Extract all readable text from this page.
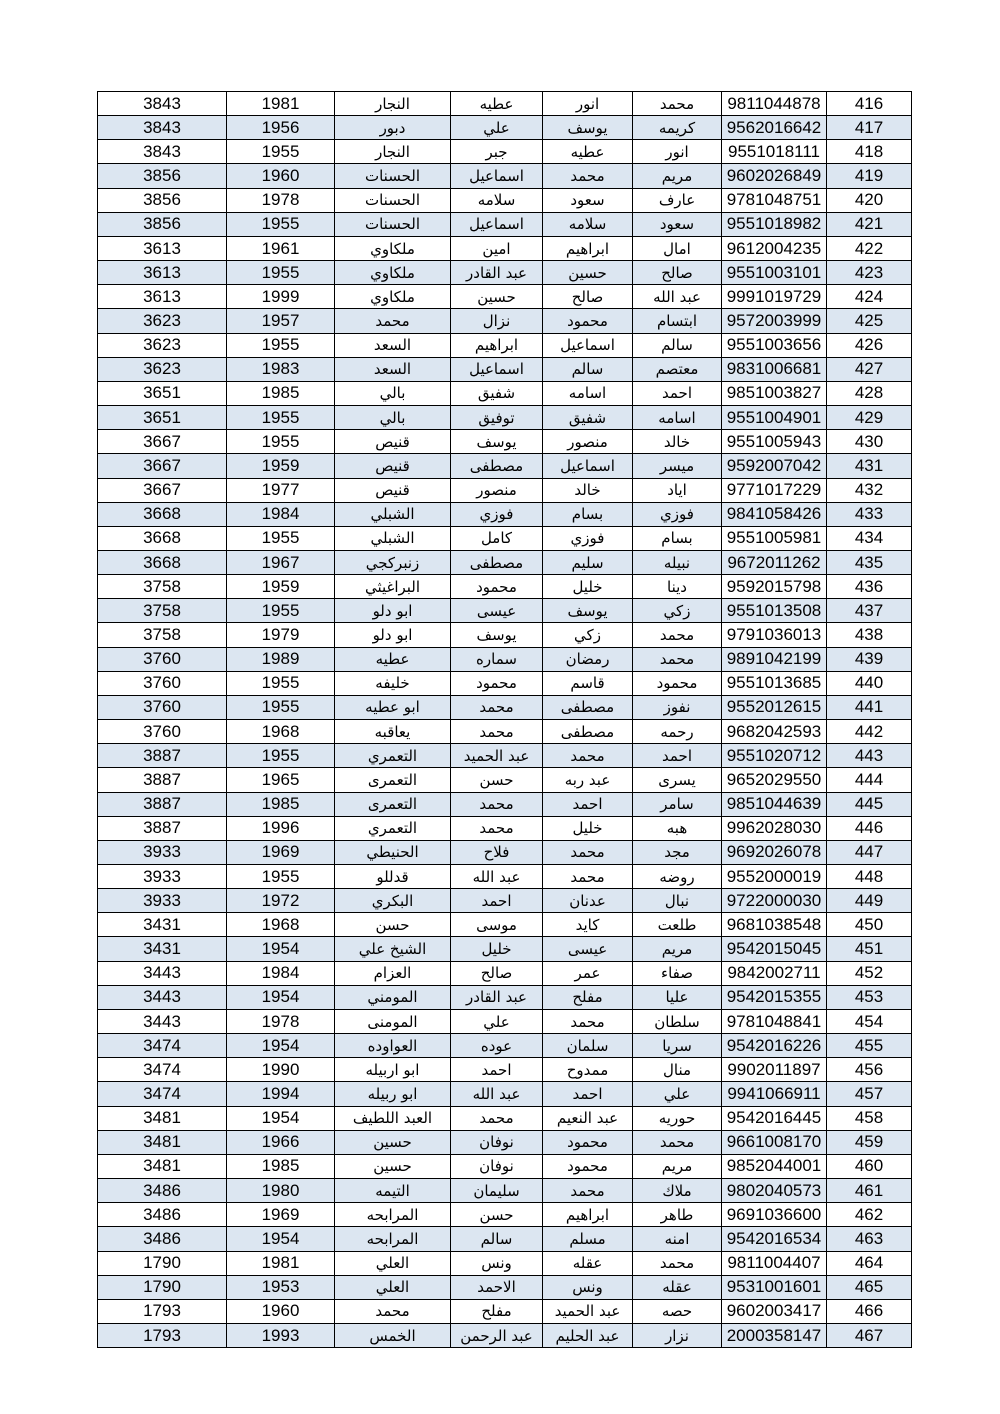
3843	1981	النجار	عطيه	انور	محمد	9811044878	416
3843	1956	دبور	علي	يوسف	كريمه	9562016642	417
3843	1955	النجار	جبر	عطيه	انور	9551018111	418
3856	1960	الحسنات	اسماعيل	محمد	مريم	9602026849	419
3856	1978	الحسنات	سلامه	سعود	عارف	9781048751	420
3856	1955	الحسنات	اسماعيل	سلامه	سعود	9551018982	421
3613	1961	ملكاوي	امين	ابراهيم	امال	9612004235	422
3613	1955	ملكاوي	عبد القادر	حسين	صالح	9551003101	423
3613	1999	ملكاوي	حسين	صالح	عبد الله	9991019729	424
3623	1957	محمد	نزال	محمود	ابتسام	9572003999	425
3623	1955	السعد	ابراهيم	اسماعيل	سالم	9551003656	426
3623	1983	السعد	اسماعيل	سالم	معتصم	9831006681	427
3651	1985	بالي	شفيق	اسامه	احمد	9851003827	428
3651	1955	بالي	توفيق	شفيق	اسامه	9551004901	429
3667	1955	قنيص	يوسف	منصور	خالد	9551005943	430
3667	1959	قنيص	مصطفى	اسماعيل	ميسر	9592007042	431
3667	1977	قنيص	منصور	خالد	اياد	9771017229	432
3668	1984	الشبلي	فوزي	بسام	فوزي	9841058426	433
3668	1955	الشبلي	كامل	فوزي	بسام	9551005981	434
3668	1967	زنبركجي	مصطفى	سليم	نبيله	9672011262	435
3758	1959	البراغيثي	محمود	خليل	دينا	9592015798	436
3758	1955	ابو دلو	عيسى	يوسف	زكي	9551013508	437
3758	1979	ابو دلو	يوسف	زكي	محمد	9791036013	438
3760	1989	عطيه	سماره	رمضان	محمد	9891042199	439
3760	1955	خليفه	محمود	قاسم	محمود	9551013685	440
3760	1955	ابو عطيه	محمد	مصطفى	نفوز	9552012615	441
3760	1968	يعاقبه	محمد	مصطفى	رحمه	9682042593	442
3887	1955	التعمري	عبد الحميد	محمد	احمد	9551020712	443
3887	1965	التعمرى	حسن	عبد ربه	يسرى	9652029550	444
3887	1985	التعمرى	محمد	احمد	سامر	9851044639	445
3887	1996	التعمري	محمد	خليل	هبه	9962028030	446
3933	1969	الحنيطي	فلاح	محمد	مجد	9692026078	447
3933	1955	قدللو	عبد الله	محمد	روضه	9552000019	448
3933	1972	البكري	احمد	عدنان	نبال	9722000030	449
3431	1968	حسن	موسى	كايد	طلعت	9681038548	450
3431	1954	الشيخ علي	خليل	عيسى	مريم	9542015045	451
3443	1984	العزام	صالح	عمر	صفاء	9842002711	452
3443	1954	المومني	عبد القادر	مفلح	عليا	9542015355	453
3443	1978	المومنى	علي	محمد	سلطان	9781048841	454
3474	1954	العواوده	عوده	سلمان	سريا	9542016226	455
3474	1990	ابو اربيله	احمد	ممدوح	منال	9902011897	456
3474	1994	ابو ربيله	عبد الله	احمد	علي	9941066911	457
3481	1954	العبد اللطيف	محمد	عبد النعيم	حوريه	9542016445	458
3481	1966	حسين	نوفان	محمود	محمد	9661008170	459
3481	1985	حسين	نوفان	محمود	مريم	9852044001	460
3486	1980	التيمه	سليمان	محمد	ملاك	9802040573	461
3486	1969	المرابحه	حسن	ابراهيم	طاهر	9691036600	462
3486	1954	المرابحه	سالم	مسلم	امنه	9542016534	463
1790	1981	العلي	ونس	عقله	محمد	9811004407	464
1790	1953	العلي	الاحمد	ونس	عقله	9531001601	465
1793	1960	محمد	مفلح	عبد الحميد	حصه	9602003417	466
1793	1993	الخمس	عبد الرحمن	عبد الحليم	نزار	2000358147	467
